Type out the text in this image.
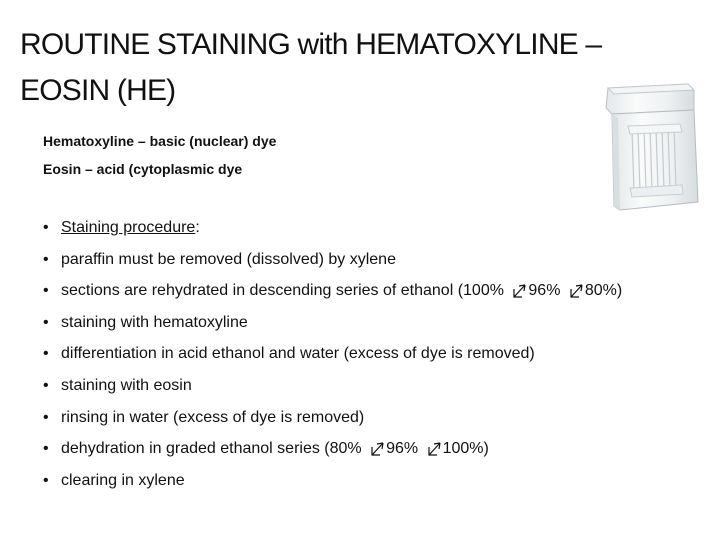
ROUTINE STAINING with HEMATOXYLINE – EOSIN (HE)

Hematoxyline – basic (nuclear) dye

Eosin – acid (cytoplasmic dye

• Staining procedure:
• paraffin must be removed (dissolved) by xylene
• sections are rehydrated in descending series of ethanol (100% 96% 80%)
• staining with hematoxyline
• differentiation in acid ethanol and water (excess of dye is removed)
• staining with eosin
• rinsing in water (excess of dye is removed)
• dehydration in graded ethanol series (80% 96% 100%)
• clearing in xylene
